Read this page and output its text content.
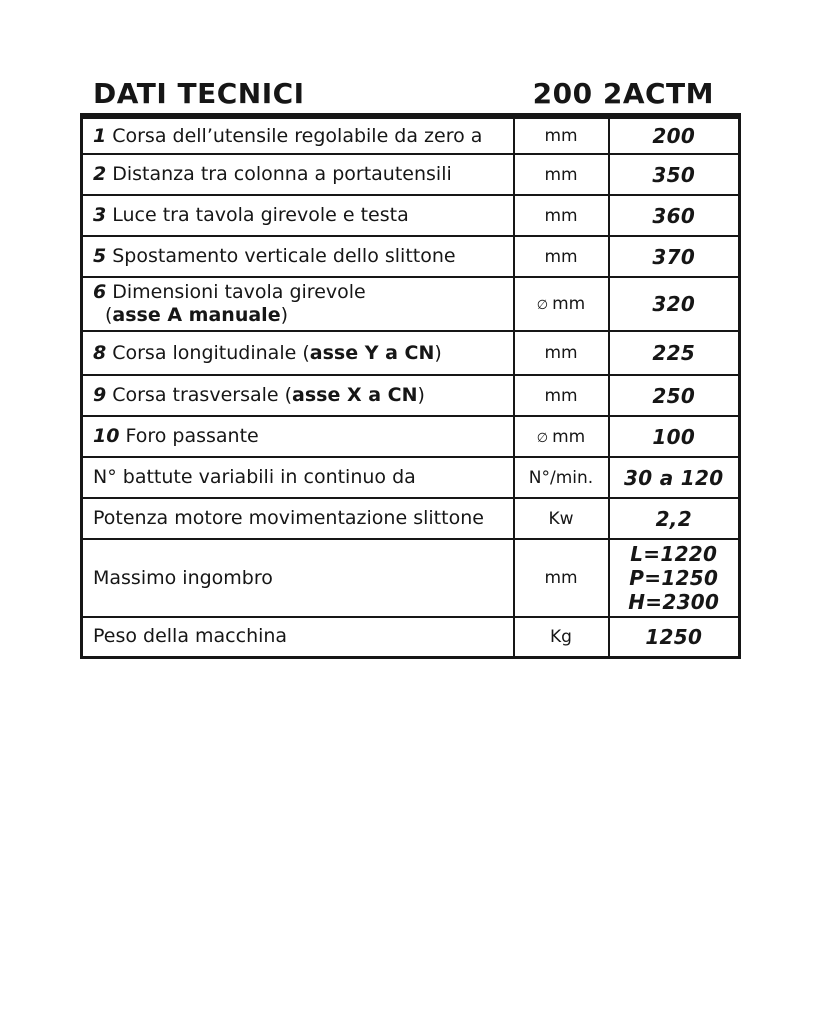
DATI TECNICI	200 2ACTM
1 Corsa dell’utensile regolabile da zero a	mm	200
2 Distanza tra colonna a portautensili	mm	350
3 Luce tra tavola girevole e testa	mm	360
5 Spostamento verticale dello slittone	mm	370

6 Dimensioni tavola girevole
(asse A manuale)	∅ mm	320
8 Corsa longitudinale (asse Y a CN)	mm	225
9 Corsa trasversale (asse X a CN)	mm	250
10 Foro passante	∅ mm	100
N° battute variabili in continuo da	N°/min.	30 a 120
Potenza motore movimentazione slittone	Kw	2,2
Massimo ingombro	mm	L=1220
P=1250
H=2300

Peso della macchina	Kg	1250
